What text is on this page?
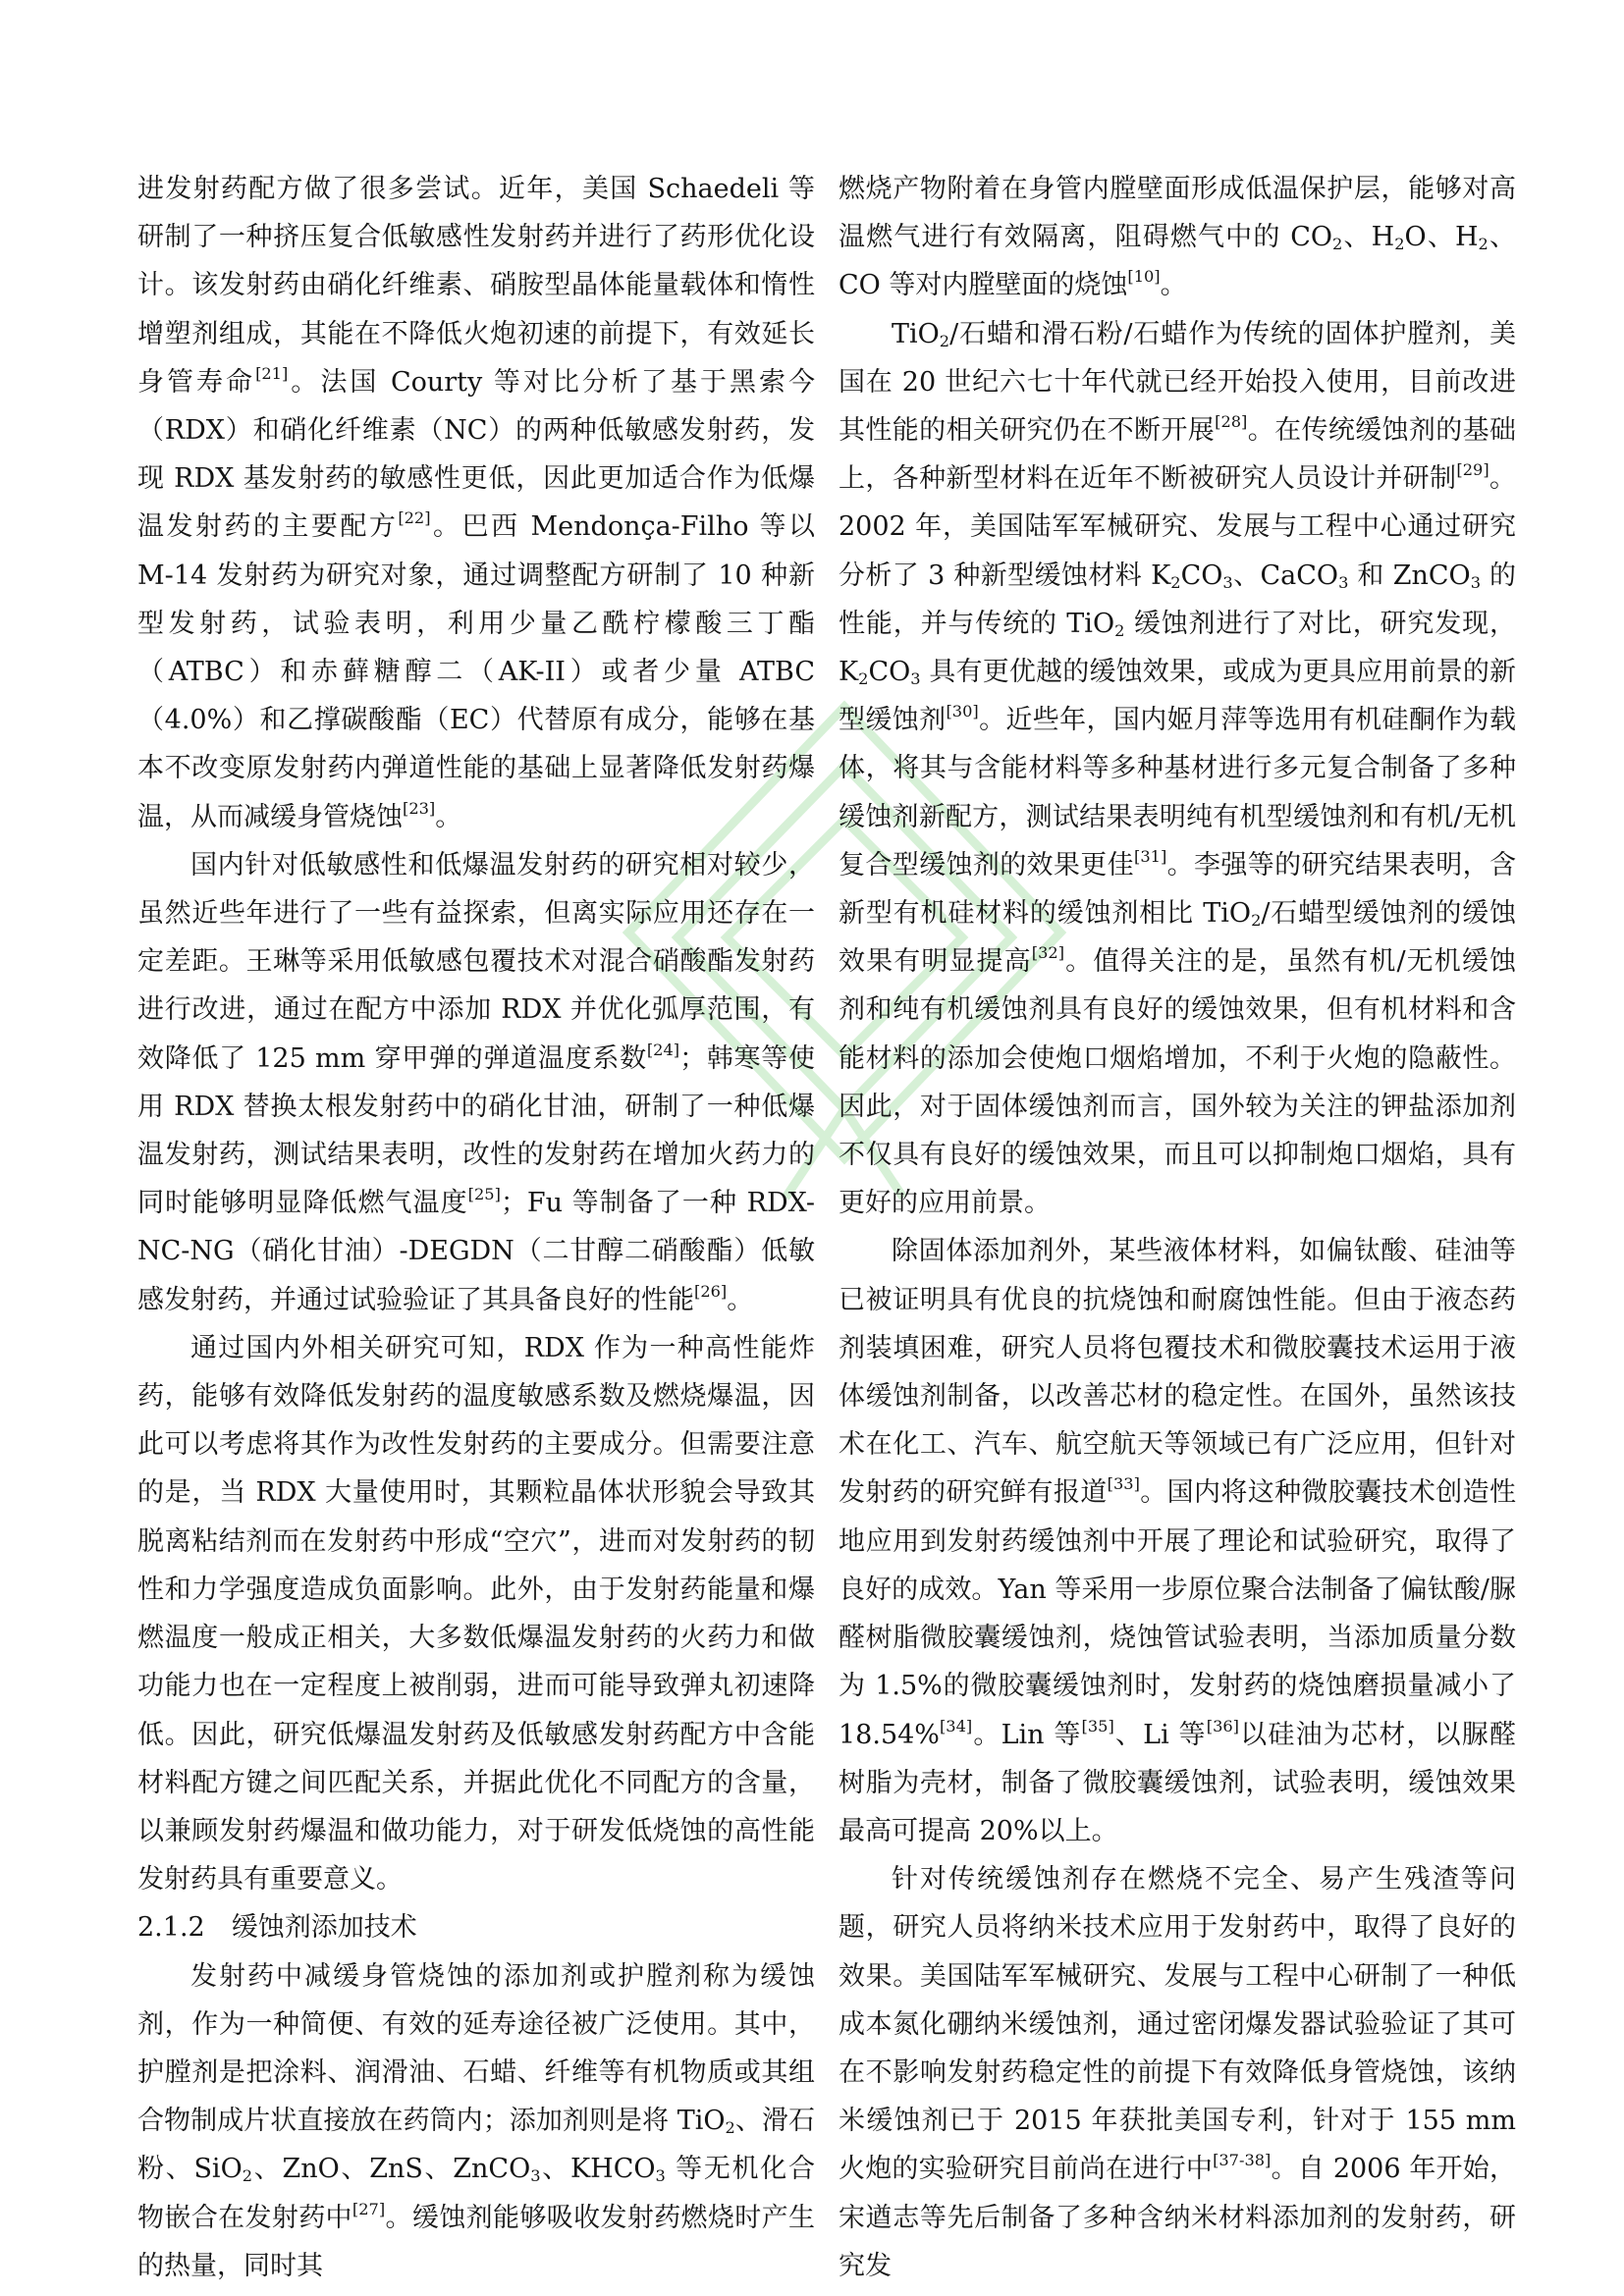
进发射药配方做了很多尝试。近年，美国 Schaedeli 等研制了一种挤压复合低敏感性发射药并进行了药形优化设计。该发射药由硝化纤维素、硝胺型晶体能量载体和惰性增塑剂组成，其能在不降低火炮初速的前提下，有效延长身管寿命[21]。法国 Courty 等对比分析了基于黑索今（RDX）和硝化纤维素（NC）的两种低敏感发射药，发现 RDX 基发射药的敏感性更低，因此更加适合作为低爆温发射药的主要配方[22]。巴西 Mendonça-Filho 等以 M-14 发射药为研究对象，通过调整配方研制了 10 种新型发射药，试验表明，利用少量乙酰柠檬酸三丁酯（ATBC）和赤藓糖醇二（AK-II）或者少量 ATBC（4.0%）和乙撑碳酸酯（EC）代替原有成分，能够在基本不改变原发射药内弹道性能的基础上显著降低发射药爆温，从而减缓身管烧蚀[23]。

国内针对低敏感性和低爆温发射药的研究相对较少，虽然近些年进行了一些有益探索，但离实际应用还存在一定差距。王琳等采用低敏感包覆技术对混合硝酸酯发射药进行改进，通过在配方中添加 RDX 并优化弧厚范围，有效降低了 125 mm 穿甲弹的弹道温度系数[24]；韩寒等使用 RDX 替换太根发射药中的硝化甘油，研制了一种低爆温发射药，测试结果表明，改性的发射药在增加火药力的同时能够明显降低燃气温度[25]；Fu 等制备了一种 RDX-NC-NG（硝化甘油）-DEGDN（二甘醇二硝酸酯）低敏感发射药，并通过试验验证了其具备良好的性能[26]。

通过国内外相关研究可知，RDX 作为一种高性能炸药，能够有效降低发射药的温度敏感系数及燃烧爆温，因此可以考虑将其作为改性发射药的主要成分。但需要注意的是，当 RDX 大量使用时，其颗粒晶体状形貌会导致其脱离粘结剂而在发射药中形成“空穴”，进而对发射药的韧性和力学强度造成负面影响。此外，由于发射药能量和爆燃温度一般成正相关，大多数低爆温发射药的火药力和做功能力也在一定程度上被削弱，进而可能导致弹丸初速降低。因此，研究低爆温发射药及低敏感发射药配方中含能材料配方键之间匹配关系，并据此优化不同配方的含量，以兼顾发射药爆温和做功能力，对于研发低烧蚀的高性能发射药具有重要意义。

2.1.2　缓蚀剂添加技术

发射药中减缓身管烧蚀的添加剂或护膛剂称为缓蚀剂，作为一种简便、有效的延寿途径被广泛使用。其中，护膛剂是把涂料、润滑油、石蜡、纤维等有机物质或其组合物制成片状直接放在药筒内；添加剂则是将 TiO$_2$、滑石粉、SiO$_2$、ZnO、ZnS、ZnCO$_3$、$KHCO_3$ 等无机化合物嵌合在发射药中[27]。缓蚀剂能够吸收发射药燃烧时产生的热量，同时其

燃烧产物附着在身管内膛壁面形成低温保护层，能够对高温燃气进行有效隔离，阻碍燃气中的 $CO_2$、$H_2O$、$H_2$、CO 等对内膛壁面的烧蚀[10]。

TiO$_2$/石蜡和滑石粉/石蜡作为传统的固体护膛剂，美国在 20 世纪六七十年代就已经开始投入使用，目前改进其性能的相关研究仍在不断开展[28]。在传统缓蚀剂的基础上，各种新型材料在近年不断被研究人员设计并研制[29]。2002 年，美国陆军军械研究、发展与工程中心通过研究分析了 3 种新型缓蚀材料 $K_2CO_3$、CaCO$_3$ 和 ZnCO$_3$ 的性能，并与传统的 TiO$_2$ 缓蚀剂进行了对比，研究发现，$K_2CO_3$ 具有更优越的缓蚀效果，或成为更具应用前景的新型缓蚀剂[30]。近些年，国内姬月萍等选用有机硅酮作为载体，将其与含能材料等多种基材进行多元复合制备了多种缓蚀剂新配方，测试结果表明纯有机型缓蚀剂和有机/无机复合型缓蚀剂的效果更佳[31]。李强等的研究结果表明，含新型有机硅材料的缓蚀剂相比 TiO$_2$/石蜡型缓蚀剂的缓蚀效果有明显提高[32]。值得关注的是，虽然有机/无机缓蚀剂和纯有机缓蚀剂具有良好的缓蚀效果，但有机材料和含能材料的添加会使炮口烟焰增加，不利于火炮的隐蔽性。因此，对于固体缓蚀剂而言，国外较为关注的钾盐添加剂不仅具有良好的缓蚀效果，而且可以抑制炮口烟焰，具有更好的应用前景。

除固体添加剂外，某些液体材料，如偏钛酸、硅油等已被证明具有优良的抗烧蚀和耐腐蚀性能。但由于液态药剂装填困难，研究人员将包覆技术和微胶囊技术运用于液体缓蚀剂制备，以改善芯材的稳定性。在国外，虽然该技术在化工、汽车、航空航天等领域已有广泛应用，但针对发射药的研究鲜有报道[33]。国内将这种微胶囊技术创造性地应用到发射药缓蚀剂中开展了理论和试验研究，取得了良好的成效。Yan 等采用一步原位聚合法制备了偏钛酸/脲醛树脂微胶囊缓蚀剂，烧蚀管试验表明，当添加质量分数为 1.5%的微胶囊缓蚀剂时，发射药的烧蚀磨损量减小了 18.54%[34]。Lin 等[35]、Li 等[36]以硅油为芯材，以脲醛树脂为壳材，制备了微胶囊缓蚀剂，试验表明，缓蚀效果最高可提高 20%以上。

针对传统缓蚀剂存在燃烧不完全、易产生残渣等问题，研究人员将纳米技术应用于发射药中，取得了良好的效果。美国陆军军械研究、发展与工程中心研制了一种低成本氮化硼纳米缓蚀剂，通过密闭爆发器试验验证了其可在不影响发射药稳定性的前提下有效降低身管烧蚀，该纳米缓蚀剂已于 2015 年获批美国专利，针对于 155 mm 火炮的实验研究目前尚在进行中[37-38]。自 2006 年开始，宋遒志等先后制备了多种含纳米材料添加剂的发射药，研究发
